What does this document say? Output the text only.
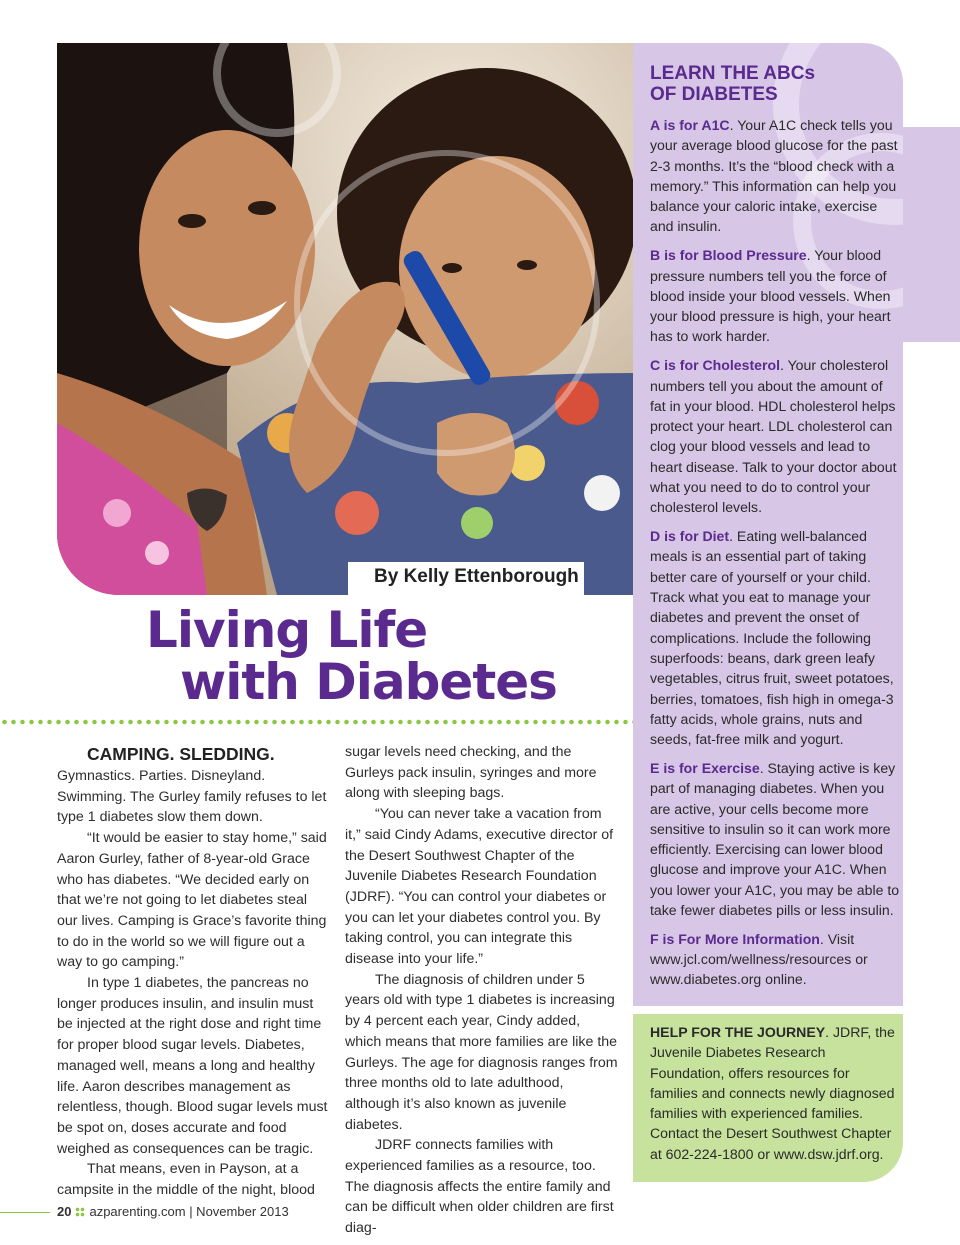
By Kelly Ettenborough
Living Life
with Diabetes
CAMPING. SLEDDING.

Gymnastics. Parties. Disneyland. Swimming. The Gurley family refuses to let type 1 diabetes slow them down.

“It would be easier to stay home,” said Aaron Gurley, father of 8-year-old Grace who has diabetes. “We decided early on that we’re not going to let diabetes steal our lives. Camping is Grace’s favorite thing to do in the world so we will figure out a way to go camping.”

In type 1 diabetes, the pancreas no longer produces insulin, and insulin must be injected at the right dose and right time for proper blood sugar levels. Diabetes, managed well, means a long and healthy life. Aaron describes management as relentless, though. Blood sugar levels must be spot on, doses accurate and food weighed as consequences can be tragic.

That means, even in Payson, at a campsite in the middle of the night, blood

sugar levels need checking, and the Gurleys pack insulin, syringes and more along with sleeping bags.

“You can never take a vacation from it,” said Cindy Adams, executive director of the Desert Southwest Chapter of the Juvenile Diabetes Research Foundation (JDRF). “You can control your diabetes or you can let your diabetes control you. By taking control, you can integrate this disease into your life.”

The diagnosis of children under 5 years old with type 1 diabetes is increasing by 4 percent each year, Cindy added, which means that more families are like the Gurleys. The age for diagnosis ranges from three months old to late adulthood, although it’s also known as juvenile diabetes.

JDRF connects families with experienced families as a resource, too. The diagnosis affects the entire family and can be difficult when older children are first diag-

LEARN THE ABCs
OF DIABETES

A is for A1C. Your A1C check tells you your average blood glucose for the past 2-3 months. It’s the “blood check with a memory.” This information can help you balance your caloric intake, exercise and insulin.

B is for Blood Pressure. Your blood pressure numbers tell you the force of blood inside your blood vessels. When your blood pressure is high, your heart has to work harder.

C is for Cholesterol. Your cholesterol numbers tell you about the amount of fat in your blood. HDL cholesterol helps protect your heart. LDL cholesterol can clog your blood vessels and lead to heart disease. Talk to your doctor about what you need to do to control your cholesterol levels.

D is for Diet. Eating well-balanced meals is an essential part of taking better care of yourself or your child. Track what you eat to manage your diabetes and prevent the onset of complications. Include the following superfoods: beans, dark green leafy vegetables, citrus fruit, sweet potatoes, berries, tomatoes, fish high in omega-3 fatty acids, whole grains, nuts and seeds, fat-free milk and yogurt.

E is for Exercise. Staying active is key part of managing diabetes. When you are active, your cells become more sensitive to insulin so it can work more efficiently. Exercising can lower blood glucose and improve your A1C. When you lower your A1C, you may be able to take fewer diabetes pills or less insulin.

F is For More Information. Visit www.jcl.com/wellness/resources or www.diabetes.org online.

HELP FOR THE JOURNEY. JDRF, the Juvenile Diabetes Research Foundation, offers resources for families and connects newly diagnosed families with experienced families. Contact the Desert Southwest Chapter at 602-224-1800 or www.dsw.jdrf.org.
20 azparenting.com | November 2013
